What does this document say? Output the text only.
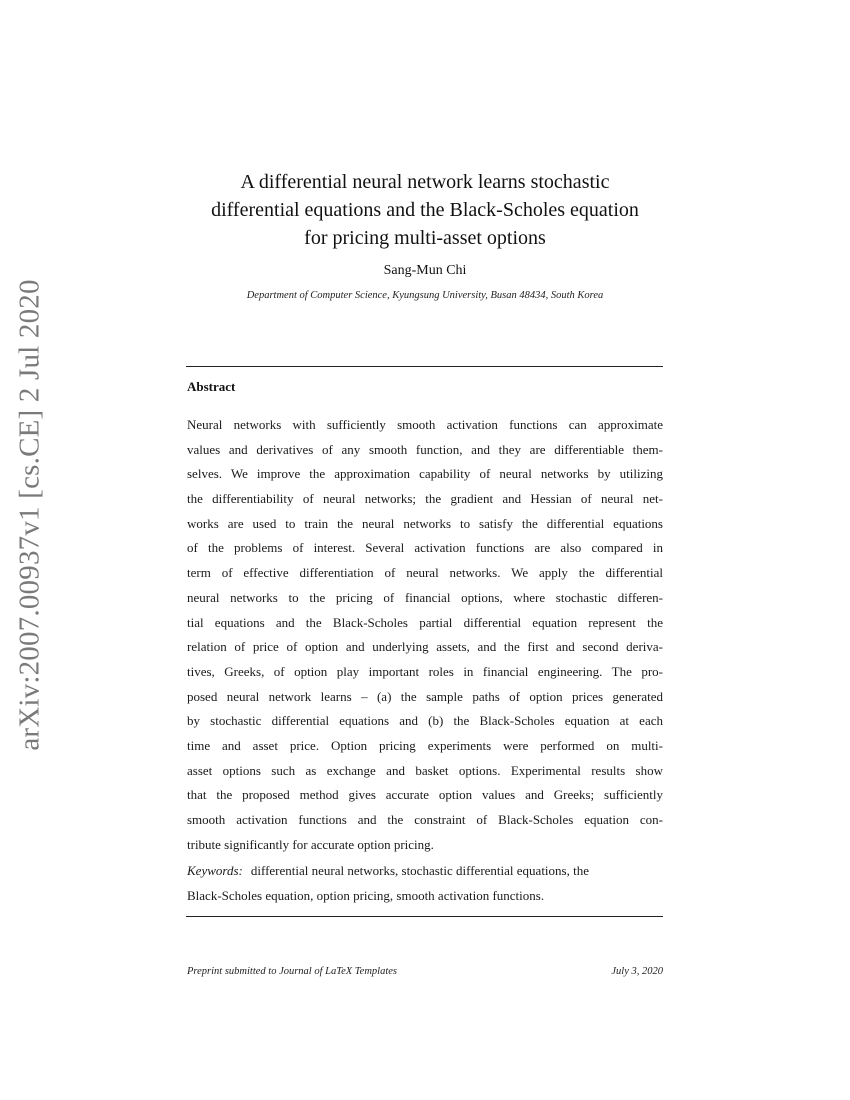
arXiv:2007.00937v1 [cs.CE] 2 Jul 2020
A differential neural network learns stochastic
differential equations and the Black-Scholes equation
for pricing multi-asset options
Sang-Mun Chi
Department of Computer Science, Kyungsung University, Busan 48434, South Korea
Abstract
Neural networks with sufficiently smooth activation functions can approximate
values and derivatives of any smooth function, and they are differentiable them-
selves. We improve the approximation capability of neural networks by utilizing
the differentiability of neural networks; the gradient and Hessian of neural net-
works are used to train the neural networks to satisfy the differential equations
of the problems of interest. Several activation functions are also compared in
term of effective differentiation of neural networks. We apply the differential
neural networks to the pricing of financial options, where stochastic differen-
tial equations and the Black-Scholes partial differential equation represent the
relation of price of option and underlying assets, and the first and second deriva-
tives, Greeks, of option play important roles in financial engineering. The pro-
posed neural network learns – (a) the sample paths of option prices generated
by stochastic differential equations and (b) the Black-Scholes equation at each
time and asset price. Option pricing experiments were performed on multi-
asset options such as exchange and basket options. Experimental results show
that the proposed method gives accurate option values and Greeks; sufficiently
smooth activation functions and the constraint of Black-Scholes equation con-
tribute significantly for accurate option pricing.
Keywords: differential neural networks, stochastic differential equations, the
Black-Scholes equation, option pricing, smooth activation functions.
Preprint submitted to Journal of LaTeX Templates	July 3, 2020
